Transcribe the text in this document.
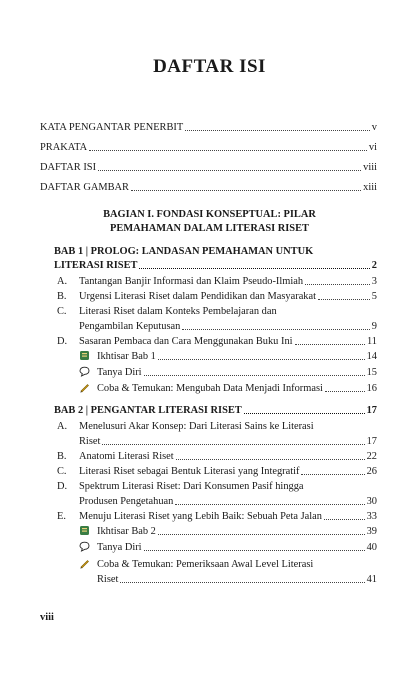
DAFTAR ISI
KATA PENGANTAR PENERBIT	v
PRAKATA	vi
DAFTAR ISI	viii
DAFTAR GAMBAR	xiii
BAGIAN I. FONDASI KONSEPTUAL: PILAR
PEMAHAMAN DALAM LITERASI RISET
BAB 1 | PROLOG: LANDASAN PEMAHAMAN UNTUK
LITERASI RISET	2
A.	Tantangan Banjir Informasi dan Klaim Pseudo-Ilmiah	3
B.	Urgensi Literasi Riset dalam Pendidikan dan Masyarakat	5
C.	Literasi Riset dalam Konteks Pembelajaran dan
Pengambilan Keputusan	9
D.	Sasaran Pembaca dan Cara Menggunakan Buku Ini	11
Ikhtisar Bab 1	14
Tanya Diri	15
Coba & Temukan: Mengubah Data Menjadi Informasi	16
BAB 2 | PENGANTAR LITERASI RISET	17
A.	Menelusuri Akar Konsep: Dari Literasi Sains ke Literasi
Riset	17
B.	Anatomi Literasi Riset	22
C.	Literasi Riset sebagai Bentuk Literasi yang Integratif	26
D.	Spektrum Literasi Riset: Dari Konsumen Pasif hingga
Produsen Pengetahuan	30
E.	Menuju Literasi Riset yang Lebih Baik: Sebuah Peta Jalan	33
Ikhtisar Bab 2	39
Tanya Diri	40
Coba & Temukan: Pemeriksaan Awal Level Literasi
Riset	41
viii
